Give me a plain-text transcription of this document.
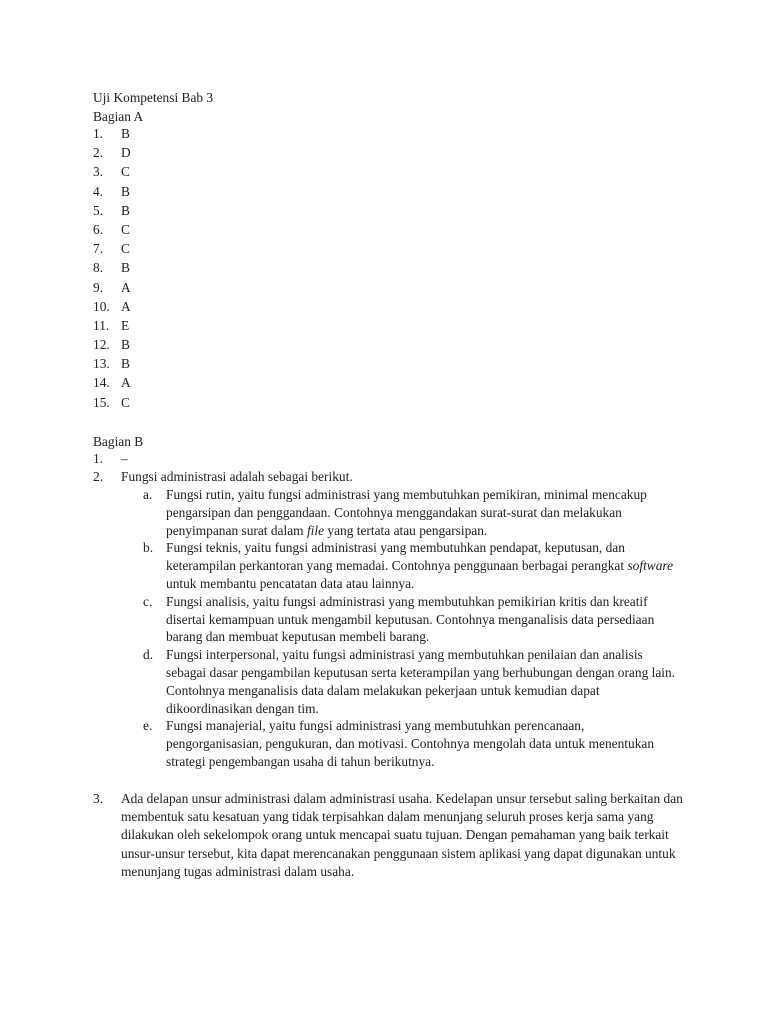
Uji Kompetensi Bab 3
Bagian A
1.	B
2.	D
3.	C
4.	B
5.	B
6.	C
7.	C
8.	B
9.	A
10. A
11. E
12. B
13. B
14. A
15. C
Bagian B
1.	–
2.	Fungsi administrasi adalah sebagai berikut.
a. Fungsi rutin, yaitu fungsi administrasi yang membutuhkan pemikiran, minimal mencakup pengarsipan dan penggandaan. Contohnya menggandakan surat-surat dan melakukan penyimpanan surat dalam file yang tertata atau pengarsipan.
b. Fungsi teknis, yaitu fungsi administrasi yang membutuhkan pendapat, keputusan, dan keterampilan perkantoran yang memadai. Contohnya penggunaan berbagai perangkat software untuk membantu pencatatan data atau lainnya.
c. Fungsi analisis, yaitu fungsi administrasi yang membutuhkan pemikirian kritis dan kreatif disertai kemampuan untuk mengambil keputusan. Contohnya menganalisis data persediaan barang dan membuat keputusan membeli barang.
d. Fungsi interpersonal, yaitu fungsi administrasi yang membutuhkan penilaian dan analisis sebagai dasar pengambilan keputusan serta keterampilan yang berhubungan dengan orang lain. Contohnya menganalisis data dalam melakukan pekerjaan untuk kemudian dapat dikoordinasikan dengan tim.
e. Fungsi manajerial, yaitu fungsi administrasi yang membutuhkan perencanaan, pengorganisasian, pengukuran, dan motivasi. Contohnya mengolah data untuk menentukan strategi pengembangan usaha di tahun berikutnya.
3. Ada delapan unsur administrasi dalam administrasi usaha. Kedelapan unsur tersebut saling berkaitan dan membentuk satu kesatuan yang tidak terpisahkan dalam menunjang seluruh proses kerja sama yang dilakukan oleh sekelompok orang untuk mencapai suatu tujuan. Dengan pemahaman yang baik terkait unsur-unsur tersebut, kita dapat merencanakan penggunaan sistem aplikasi yang dapat digunakan untuk menunjang tugas administrasi dalam usaha.
